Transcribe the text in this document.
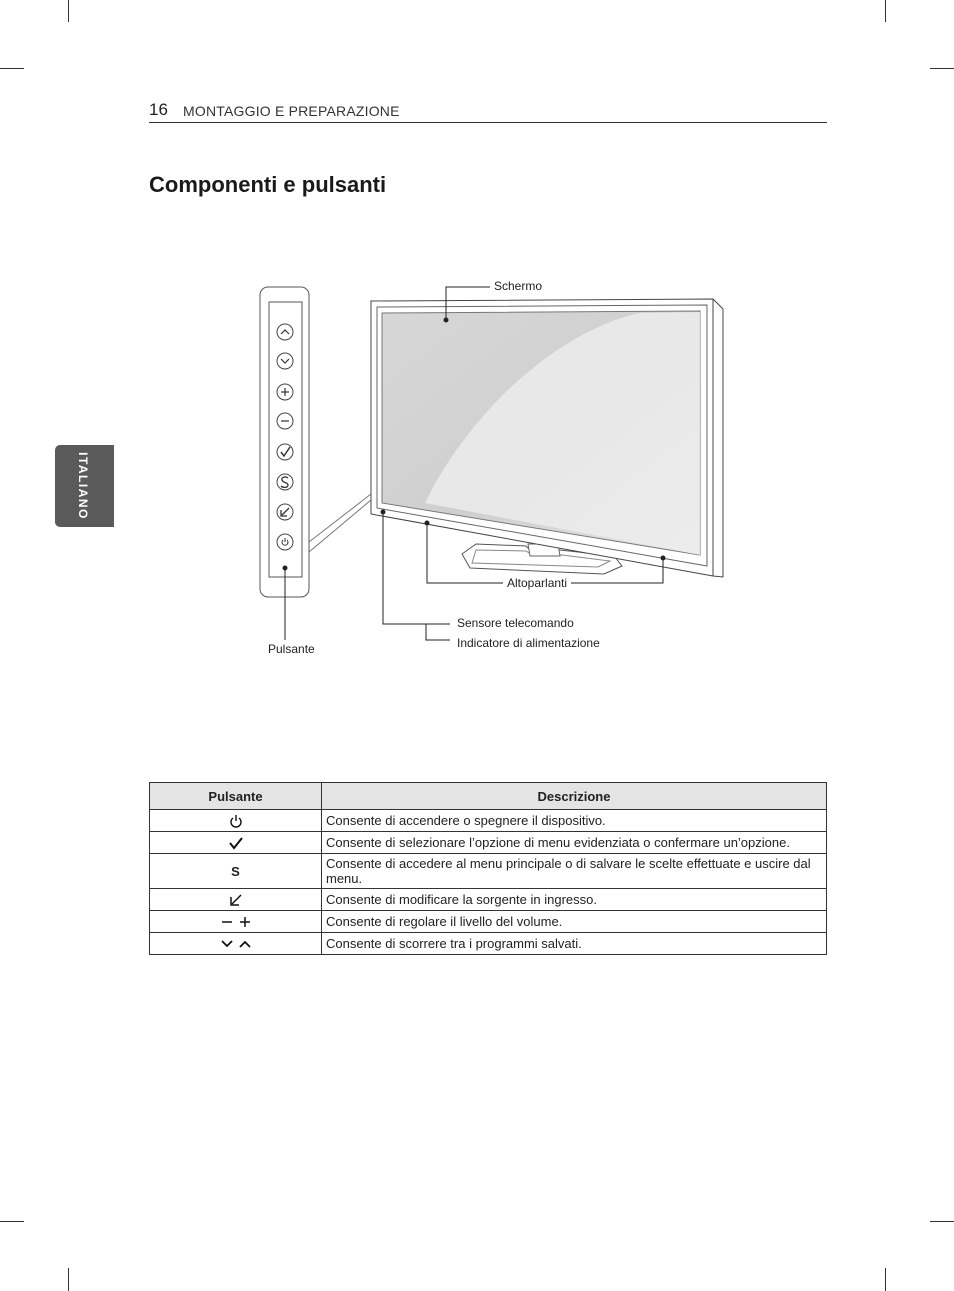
16 MONTAGGIO E PREPARAZIONE
Componenti e pulsanti
ITALIANO
Pulsante
Schermo
Altoparlanti
Sensore telecomando
Indicatore di alimentazione
Pulsante	Descrizione
	Consente di accendere o spegnere il dispositivo.
	Consente di selezionare l’opzione di menu evidenziata o confermare un’opzione.
S	Consente di accedere al menu principale o di salvare le scelte effettuate e uscire dal menu.
	Consente di modificare la sorgente in ingresso.
	Consente di regolare il livello del volume.
	Consente di scorrere tra i programmi salvati.
